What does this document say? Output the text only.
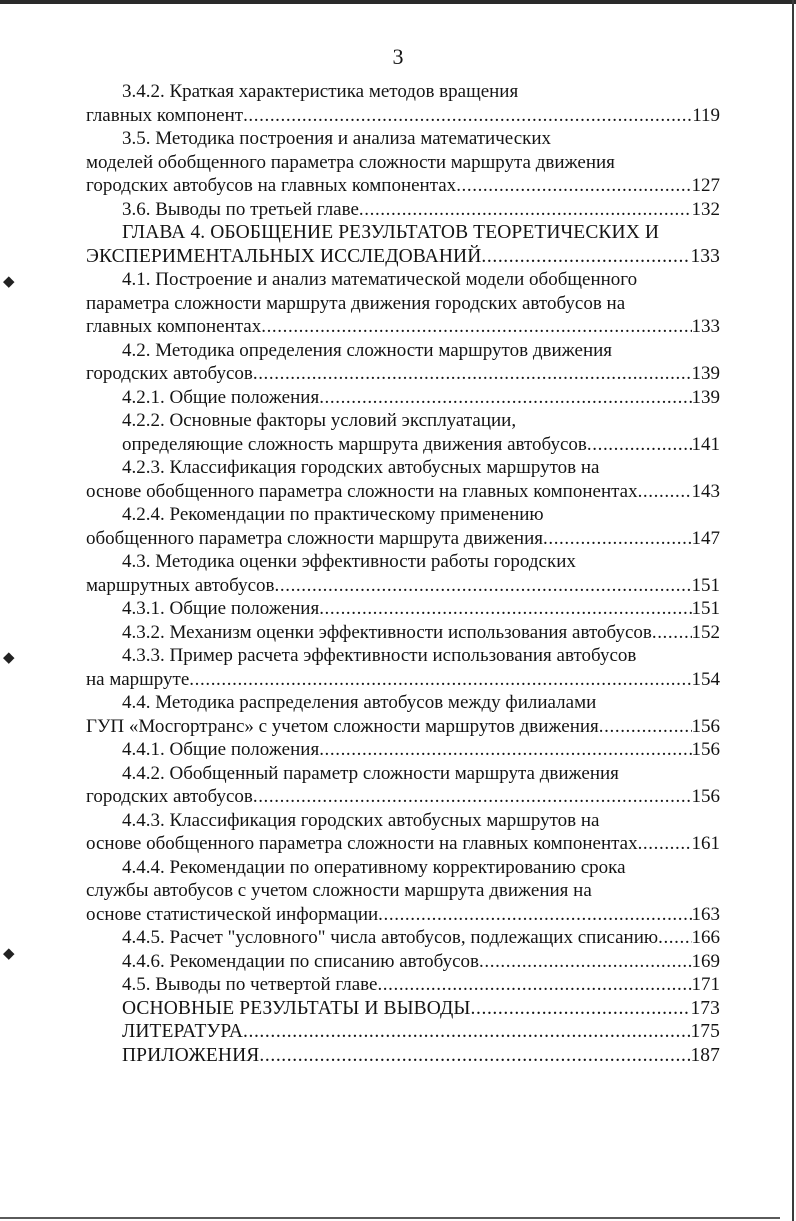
◆
◆
◆
3
3.4.2. Краткая характеристика методов вращения
главных компонент .....	119
3.5. Методика построения и анализа математических
моделей обобщенного параметра сложности маршрута движения
городских автобусов на главных компонентах .....	127
3.6. Выводы по третьей главе .....	132
ГЛАВА 4. ОБОБЩЕНИЕ РЕЗУЛЬТАТОВ ТЕОРЕТИЧЕСКИХ И
ЭКСПЕРИМЕНТАЛЬНЫХ ИССЛЕДОВАНИЙ .....	133
4.1. Построение и анализ математической модели обобщенного
параметра сложности маршрута движения городских автобусов на
главных компонентах .....	133
4.2. Методика определения сложности маршрутов движения
городских автобусов .....	139
4.2.1. Общие положения .....	139
4.2.2. Основные факторы условий эксплуатации,
определяющие сложность маршрута движения автобусов .....	141
4.2.3. Классификация городских автобусных маршрутов на
основе обобщенного параметра сложности на главных компонентах .....	143
4.2.4. Рекомендации по практическому применению
обобщенного параметра сложности маршрута движения .....	147
4.3. Методика оценки эффективности работы городских
маршрутных автобусов .....	151
4.3.1. Общие положения .....	151
4.3.2. Механизм оценки эффективности использования автобусов ..... 152
4.3.3. Пример расчета эффективности использования автобусов
на маршруте .....	154
4.4. Методика распределения автобусов между филиалами
ГУП «Мосгортранс» с учетом сложности маршрутов движения .....	156
4.4.1. Общие положения .....	156
4.4.2. Обобщенный параметр сложности маршрута движения
городских автобусов .....	156
4.4.3. Классификация городских автобусных маршрутов на
основе обобщенного параметра сложности на главных компонентах .....	161
4.4.4. Рекомендации по оперативному корректированию срока
службы автобусов с учетом сложности маршрута движения на
основе статистической информации .....	163
4.4.5. Расчет "условного" числа автобусов, подлежащих списанию ..... 166
4.4.6. Рекомендации по списанию автобусов .....	169
4.5. Выводы по четвертой главе .....	171
ОСНОВНЫЕ РЕЗУЛЬТАТЫ И ВЫВОДЫ .....	173
ЛИТЕРАТУРА .....	175
ПРИЛОЖЕНИЯ .....	187
